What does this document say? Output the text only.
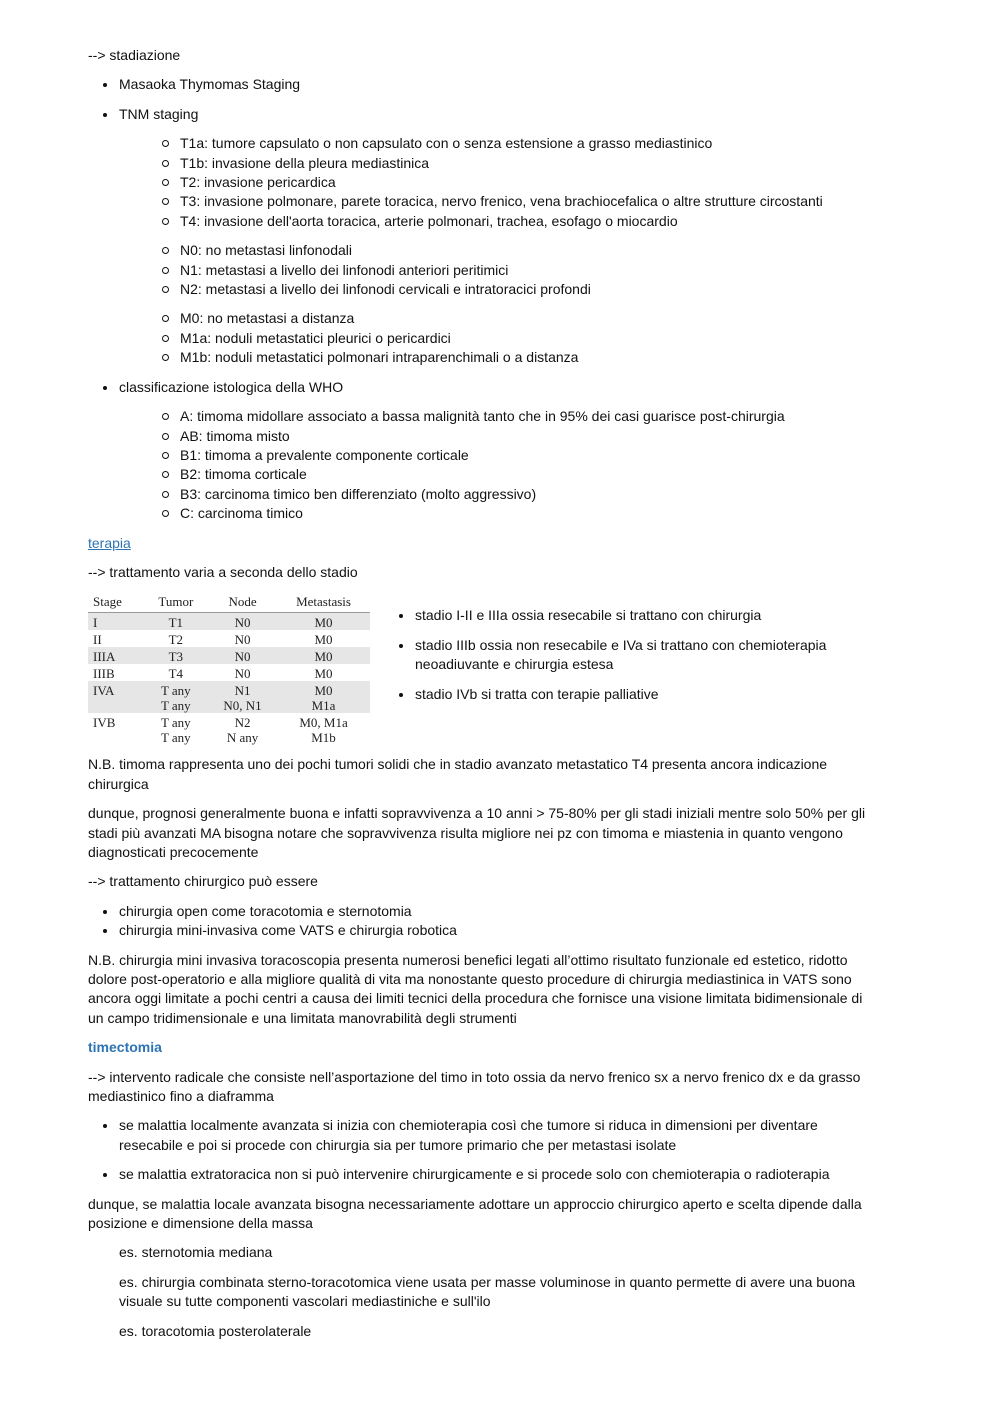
--> stadiazione

Masaoka Thymomas Staging
TNM staging
T1a: tumore capsulato o non capsulato con o senza estensione a grasso mediastinico
T1b: invasione della pleura mediastinica
T2: invasione pericardica
T3: invasione polmonare, parete toracica, nervo frenico, vena brachiocefalica o altre strutture circostanti
T4: invasione dell'aorta toracica, arterie polmonari, trachea, esofago o miocardio
N0: no metastasi linfonodali
N1: metastasi a livello dei linfonodi anteriori peritimici
N2: metastasi a livello dei linfonodi cervicali e intratoracici profondi
M0: no metastasi a distanza
M1a: noduli metastatici pleurici o pericardici
M1b: noduli metastatici polmonari intraparenchimali o a distanza
classificazione istologica della WHO
A: timoma midollare associato a bassa malignità tanto che in 95% dei casi guarisce post-chirurgia
AB: timoma misto
B1: timoma a prevalente componente corticale
B2: timoma corticale
B3: carcinoma timico ben differenziato (molto aggressivo)
C: carcinoma timico

terapia

--> trattamento varia a seconda dello stadio

Stage	Tumor	Node	Metastasis
I	T1	N0	M0
II	T2	N0	M0
IIIA	T3	N0	M0
IIIB	T4	N0	M0
IVA	T any	N1	M0
	T any	N0, N1	M1a
IVB	T any	N2	M0, M1a
	T any	N any	M1b
stadio I-II e IIIa ossia resecabile si trattano con chirurgia
stadio IIIb ossia non resecabile e IVa si trattano con chemioterapia neoadiuvante e chirurgia estesa
stadio IVb si tratta con terapie palliative

N.B. timoma rappresenta uno dei pochi tumori solidi che in stadio avanzato metastatico T4 presenta ancora indicazione chirurgica

dunque, prognosi generalmente buona e infatti sopravvivenza a 10 anni > 75-80% per gli stadi iniziali mentre solo 50% per gli stadi più avanzati MA bisogna notare che sopravvivenza risulta migliore nei pz con timoma e miastenia in quanto vengono diagnosticati precocemente

--> trattamento chirurgico può essere

chirurgia open come toracotomia e sternotomia
chirurgia mini-invasiva come VATS e chirurgia robotica

N.B. chirurgia mini invasiva toracoscopia presenta numerosi benefici legati all’ottimo risultato funzionale ed estetico, ridotto dolore post-operatorio e alla migliore qualità di vita ma nonostante questo procedure di chirurgia mediastinica in VATS sono ancora oggi limitate a pochi centri a causa dei limiti tecnici della procedura che fornisce una visione limitata bidimensionale di un campo tridimensionale e una limitata manovrabilità degli strumenti

timectomia

--> intervento radicale che consiste nell’asportazione del timo in toto ossia da nervo frenico sx a nervo frenico dx e da grasso mediastinico fino a diaframma

se malattia localmente avanzata si inizia con chemioterapia così che tumore si riduca in dimensioni per diventare resecabile e poi si procede con chirurgia sia per tumore primario che per metastasi isolate
se malattia extratoracica non si può intervenire chirurgicamente e si procede solo con chemioterapia o radioterapia

dunque, se malattia locale avanzata bisogna necessariamente adottare un approccio chirurgico aperto e scelta dipende dalla posizione e dimensione della massa

es. sternotomia mediana

es. chirurgia combinata sterno-toracotomica viene usata per masse voluminose in quanto permette di avere una buona visuale su tutte componenti vascolari mediastiniche e sull'ilo

es. toracotomia posterolaterale
